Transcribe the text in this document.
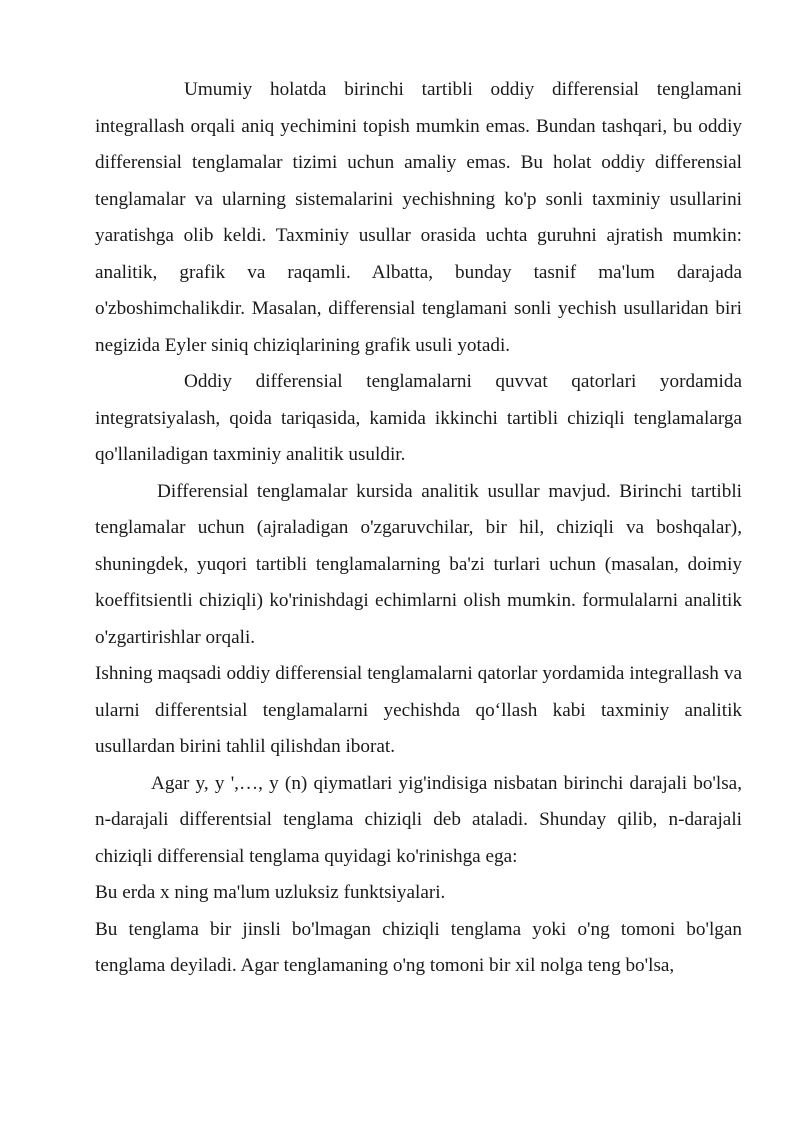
Umumiy holatda birinchi tartibli oddiy differensial tenglamani integrallash orqali aniq yechimini topish mumkin emas. Bundan tashqari, bu oddiy differensial tenglamalar tizimi uchun amaliy emas. Bu holat oddiy differensial tenglamalar va ularning sistemalarini yechishning ko'p sonli taxminiy usullarini yaratishga olib keldi. Taxminiy usullar orasida uchta guruhni ajratish mumkin: analitik, grafik va raqamli. Albatta, bunday tasnif ma'lum darajada o'zboshimchalikdir. Masalan, differensial tenglamani sonli yechish usullaridan biri negizida Eyler siniq chiziqlarining grafik usuli yotadi.

Oddiy differensial tenglamalarni quvvat qatorlari yordamida integratsiyalash, qoida tariqasida, kamida ikkinchi tartibli chiziqli tenglamalarga qo'llaniladigan taxminiy analitik usuldir.

Differensial tenglamalar kursida analitik usullar mavjud. Birinchi tartibli tenglamalar uchun (ajraladigan o'zgaruvchilar, bir hil, chiziqli va boshqalar), shuningdek, yuqori tartibli tenglamalarning ba'zi turlari uchun (masalan, doimiy koeffitsientli chiziqli) ko'rinishdagi echimlarni olish mumkin. formulalarni analitik o'zgartirishlar orqali.

Ishning maqsadi oddiy differensial tenglamalarni qatorlar yordamida integrallash va ularni differentsial tenglamalarni yechishda qo‘llash kabi taxminiy analitik usullardan birini tahlil qilishdan iborat.

Agar y, y ',…, y (n) qiymatlari yig'indisiga nisbatan birinchi darajali bo'lsa, n-darajali differentsial tenglama chiziqli deb ataladi. Shunday qilib, n-darajali chiziqli differensial tenglama quyidagi ko'rinishga ega:

Bu erda x ning ma'lum uzluksiz funktsiyalari.

Bu tenglama bir jinsli bo'lmagan chiziqli tenglama yoki o'ng tomoni bo'lgan tenglama deyiladi. Agar tenglamaning o'ng tomoni bir xil nolga teng bo'lsa,
